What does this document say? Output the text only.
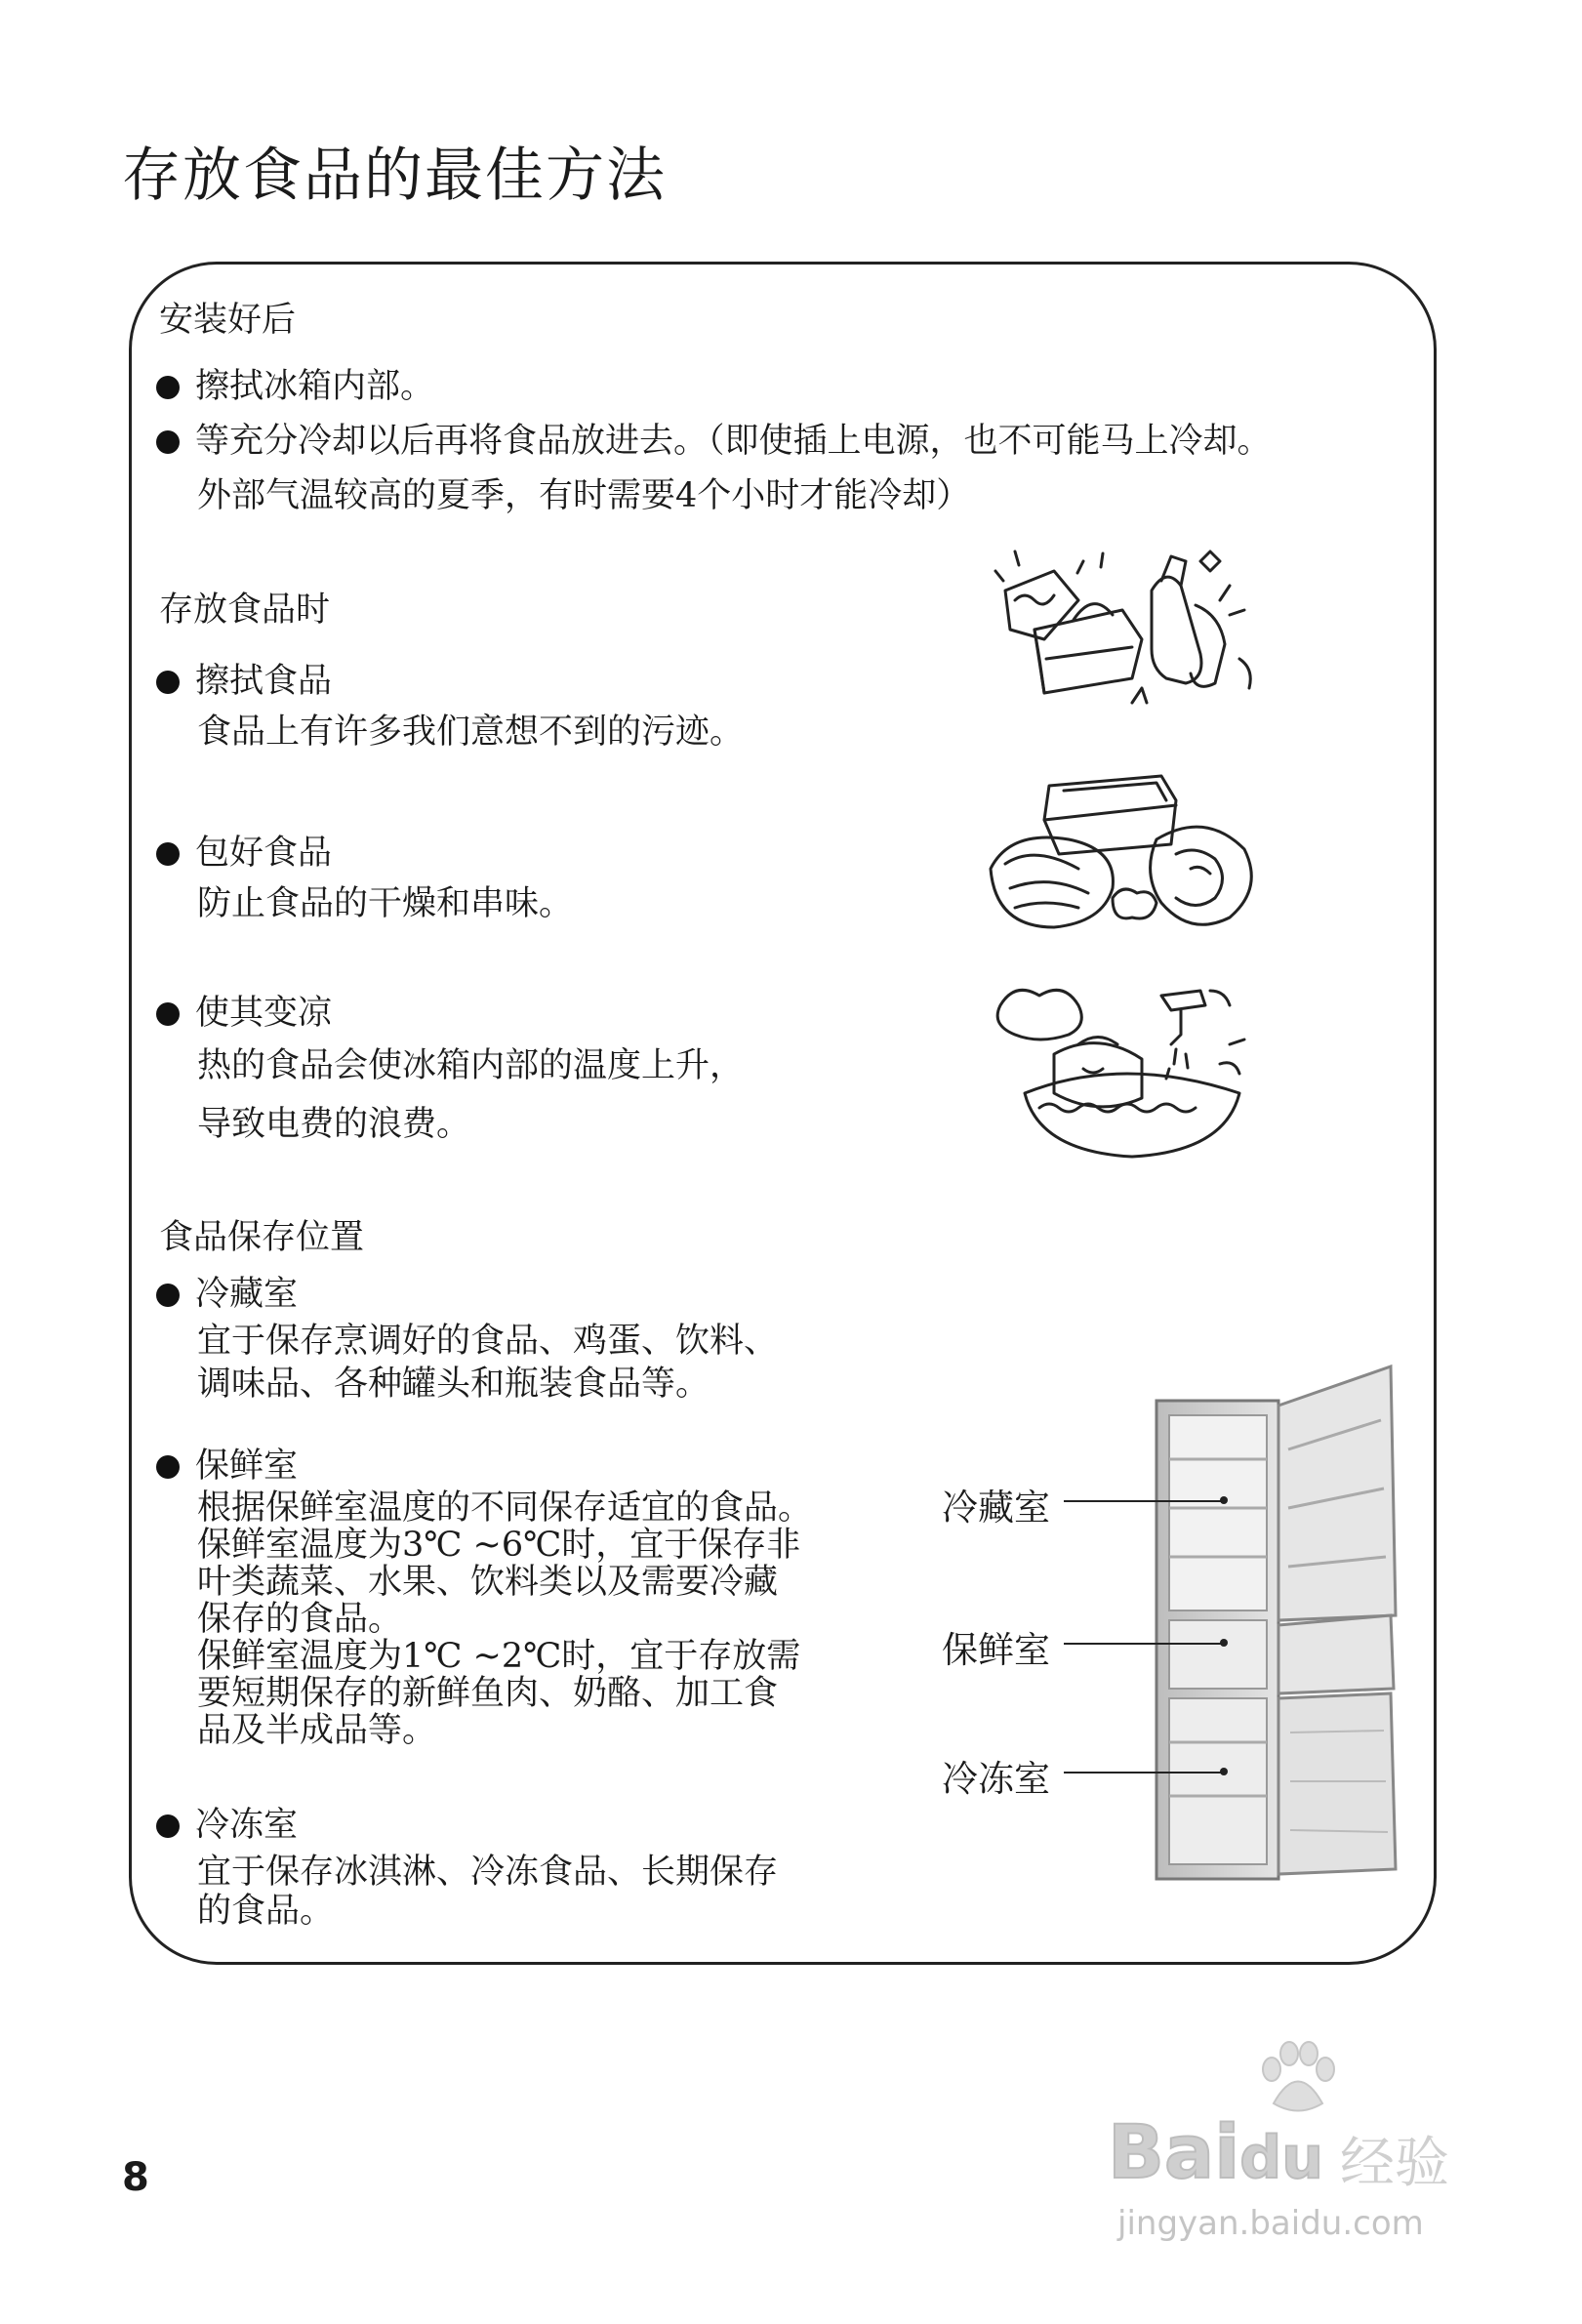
存放食品的最佳方法

安装好后

擦拭冰箱内部。
等充分冷却以后再将食品放进去。（即使插上电源，也不可能马上冷却。
外部气温较高的夏季，有时需要4个小时才能冷却）

存放食品时

擦拭食品
食品上有许多我们意想不到的污迹。
包好食品
防止食品的干燥和串味。
使其变凉
热的食品会使冰箱内部的温度上升，
导致电费的浪费。

食品保存位置

冷藏室
宜于保存烹调好的食品、鸡蛋、饮料、
调味品、各种罐头和瓶装食品等。
保鲜室
根据保鲜室温度的不同保存适宜的食品。
保鲜室温度为3℃ ~6℃时，宜于保存非
叶类蔬菜、水果、饮料类以及需要冷藏
保存的食品。
保鲜室温度为1℃ ~2℃时，宜于存放需
要短期保存的新鲜鱼肉、奶酪、加工食
品及半成品等。
冷冻室
宜于保存冰淇淋、冷冻食品、长期保存
的食品。
冷藏室
保鲜室
冷冻室
8	Baidu 经验
jingyan.baidu.com
